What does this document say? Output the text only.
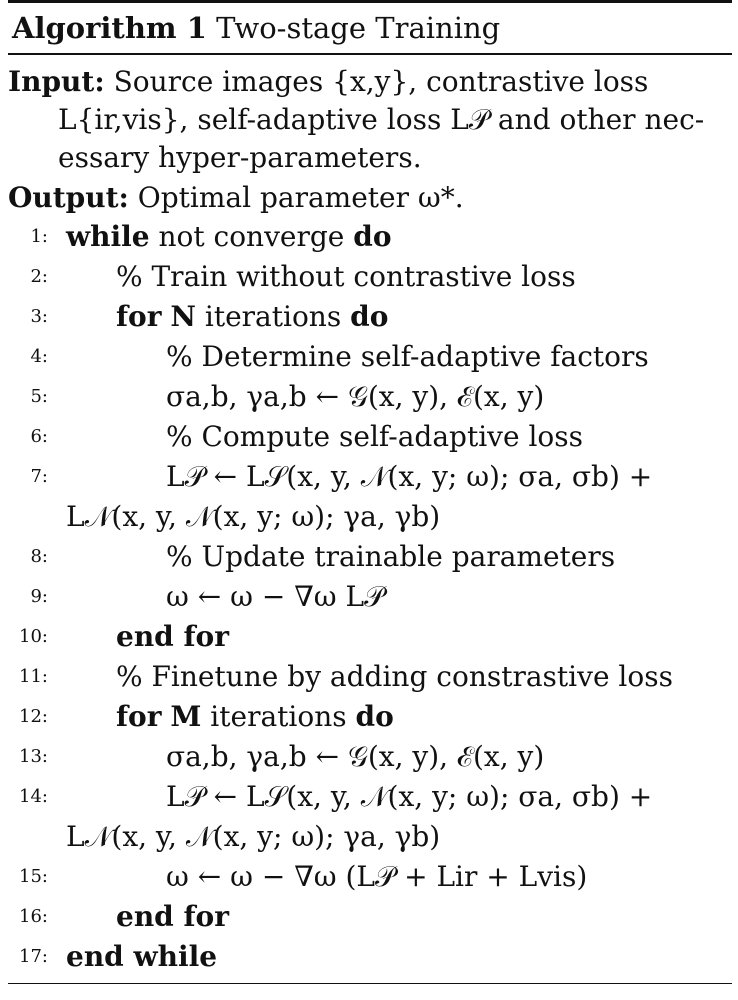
Algorithm 1 Two-stage Training
Input: Source images {x,y}, contrastive loss
L{ir,vis}, self-adaptive loss L𝒫 and other nec-
essary hyper-parameters.
Output: Optimal parameter ω*.
1: while not converge do
2: % Train without contrastive loss
3: for N iterations do
4:	% Determine self-adaptive factors
5:	σa,b, γa,b ← 𝒢(x, y), ℰ(x, y)
6:	% Compute self-adaptive loss
7:	L𝒫 ← L𝒮(x, y, 𝒩(x, y; ω); σa, σb) +
L𝒩(x, y, 𝒩(x, y; ω); γa, γb)
8:	% Update trainable parameters
9:	ω ← ω − ∇ω L𝒫
10: end for
11: % Finetune by adding constrastive loss
12: for M iterations do
13:	σa,b, γa,b ← 𝒢(x, y), ℰ(x, y)
14:	L𝒫 ← L𝒮(x, y, 𝒩(x, y; ω); σa, σb) +
L𝒩(x, y, 𝒩(x, y; ω); γa, γb)
15:	ω ← ω − ∇ω (L𝒫 + Lir + Lvis)
16: end for
17: end while
